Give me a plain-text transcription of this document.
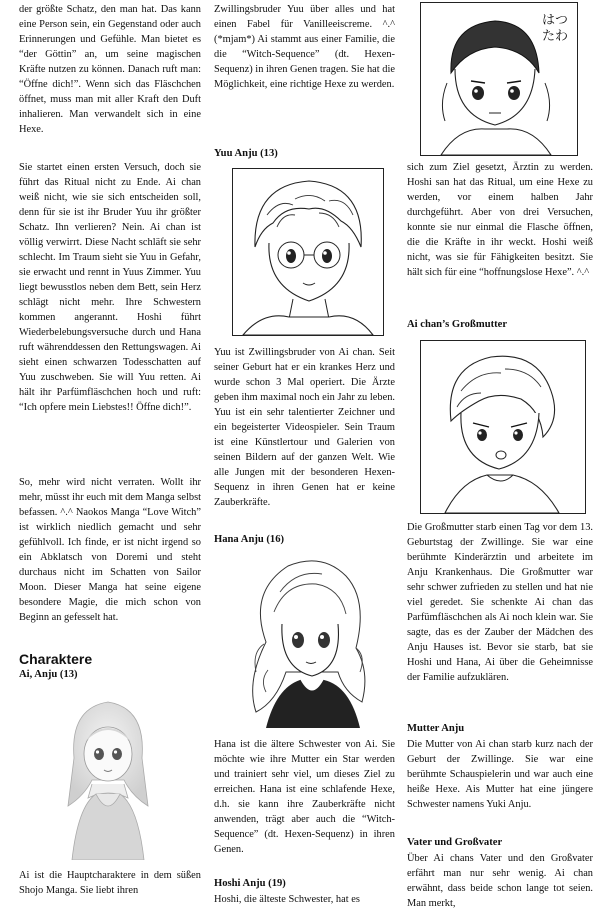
der größte Schatz, den man hat. Das kann eine Person sein, ein Gegenstand oder auch Erinnerungen und Gefühle. Man bietet es “der Göttin” an, um seine magischen Kräfte nutzen zu können. Danach ruft man: “Öffne dich!”. Wenn sich das Fläschchen öffnet, muss man mit aller Kraft den Duft inhalieren. Man verwandelt sich in eine Hexe.

Sie startet einen ersten Versuch, doch sie führt das Ritual nicht zu Ende. Ai chan weiß nicht, wie sie sich entscheiden soll, denn für sie ist ihr Bruder Yuu ihr größter Schatz. Ihn verlieren? Nein. Ai chan ist völlig verwirrt. Diese Nacht schläft sie sehr schlecht. Im Traum sieht sie Yuu in Gefahr, sie erwacht und rennt in Yuus Zimmer. Yuu liegt bewusstlos neben dem Bett, sein Herz schlägt nicht mehr. Ihre Schwestern kommen angerannt. Hoshi führt Wiederbelebungsversuche durch und Hana ruft währenddessen den Rettungswagen. Ai sieht einen schwarzen Todesschatten auf Yuu zuschweben. Sie will Yuu retten. Ai hält ihr Parfümfläschchen hoch und ruft: “Ich opfere mein Liebstes!! Öffne dich!”.

So, mehr wird nicht verraten. Wollt ihr mehr, müsst ihr euch mit dem Manga selbst befassen. ^.^ Naokos Manga “Love Witch” ist wirklich niedlich gemacht und sehr gefühlvoll. Ich finde, er ist nicht irgend so ein Abklatsch von Doremi und steht durchaus nicht im Schatten von Sailor Moon. Dieser Manga hat seine eigene besondere Magie, die mich schon von Beginn an gefesselt hat.

Charaktere
Ai, Anju (13)

Ai ist die Hauptcharaktere in dem süßen Shojo Manga. Sie liebt ihren

Zwillingsbruder Yuu über alles und hat einen Fabel für Vanilleeiscreme. ^.^ (*mjam*) Ai stammt aus einer Familie, die die “Witch-Sequence” (dt. Hexen-Sequenz) in ihren Genen tragen. Sie hat die Möglichkeit, eine richtige Hexe zu werden.

Yuu Anju (13)

Yuu ist Zwillingsbruder von Ai chan. Seit seiner Geburt hat er ein krankes Herz und wurde schon 3 Mal operiert. Die Ärzte geben ihm maximal noch ein Jahr zu leben. Yuu ist ein sehr talentierter Zeichner und ein begeisterter Videospieler. Sein Traum ist eine Künstlertour und Galerien von seinen Bildern auf der ganzen Welt. Wie alle Jungen mit der besonderen Hexen-Sequenz in ihren Genen hat er keine Zauberkräfte.

Hana Anju (16)

Hana ist die ältere Schwester von Ai. Sie möchte wie ihre Mutter ein Star werden und trainiert sehr viel, um dieses Ziel zu erreichen. Hana ist eine schlafende Hexe, d.h. sie kann ihre Zauberkräfte nicht anwenden, trägt aber auch die “Witch-Sequence” (dt. Hexen-Sequenz) in ihren Genen.

Hoshi Anju (19)

Hoshi, die älteste Schwester, hat es

はつたわ

sich zum Ziel gesetzt, Ärztin zu werden. Hoshi san hat das Ritual, um eine Hexe zu werden, vor einem halben Jahr durchgeführt. Aber von drei Versuchen, konnte sie nur einmal die Flasche öffnen, die die Kräfte in ihr weckt. Hoshi weiß nicht, was sie für Fähigkeiten besitzt. Sie hält sich für eine “hoffnungslose Hexe”. ^.^

Ai chan’s Großmutter

Die Großmutter starb einen Tag vor dem 13. Geburtstag der Zwillinge. Sie war eine berühmte Kinderärztin und arbeitete im Anju Krankenhaus. Die Großmutter war sehr schwer zufrieden zu stellen und hat nie viel geredet. Sie schenkte Ai chan das Parfümfläschchen als Ai noch klein war. Sie sagte, das es der Zauber der Mädchen des Anju Hauses ist. Bevor sie starb, bat sie Hoshi und Hana, Ai über die Geheimnisse der Familie aufzuklären.

Mutter Anju

Die Mutter von Ai chan starb kurz nach der Geburt der Zwillinge. Sie war eine berühmte Schauspielerin und war auch eine heiße Hexe. Ais Mutter hat eine jüngere Schwester namens Yuki Anju.

Vater und Großvater

Über Ai chans Vater und den Großvater erfährt man nur sehr wenig. Ai chan erwähnt, dass beide schon lange tot seien. Man merkt,
